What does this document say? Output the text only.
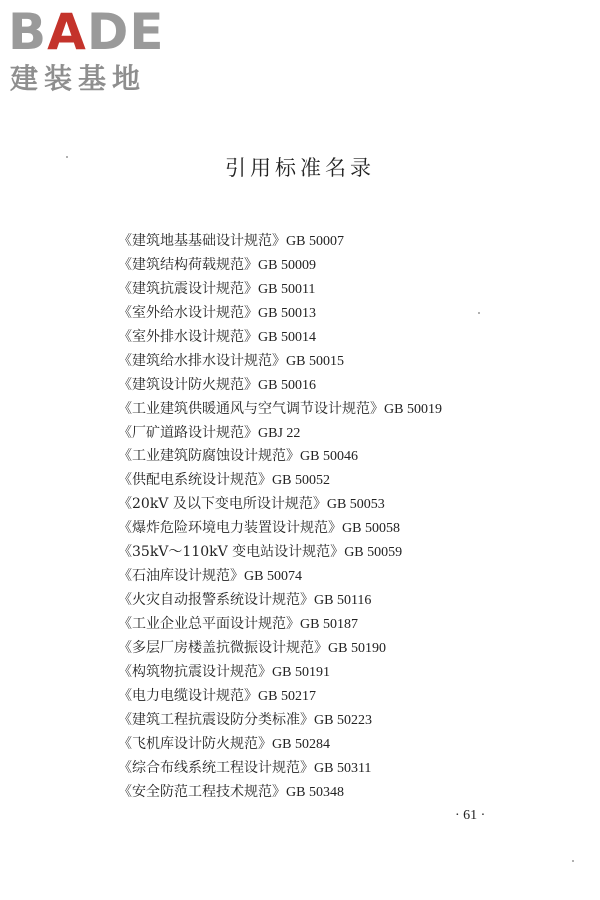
BADE
建装基地
引用标准名录
《建筑地基基础设计规范》GB 50007
《建筑结构荷载规范》GB 50009
《建筑抗震设计规范》GB 50011
《室外给水设计规范》GB 50013
《室外排水设计规范》GB 50014
《建筑给水排水设计规范》GB 50015
《建筑设计防火规范》GB 50016
《工业建筑供暖通风与空气调节设计规范》GB 50019
《厂矿道路设计规范》GBJ 22
《工业建筑防腐蚀设计规范》GB 50046
《供配电系统设计规范》GB 50052
《20kV 及以下变电所设计规范》GB 50053
《爆炸危险环境电力装置设计规范》GB 50058
《35kV～110kV 变电站设计规范》GB 50059
《石油库设计规范》GB 50074
《火灾自动报警系统设计规范》GB 50116
《工业企业总平面设计规范》GB 50187
《多层厂房楼盖抗微振设计规范》GB 50190
《构筑物抗震设计规范》GB 50191
《电力电缆设计规范》GB 50217
《建筑工程抗震设防分类标准》GB 50223
《飞机库设计防火规范》GB 50284
《综合布线系统工程设计规范》GB 50311
《安全防范工程技术规范》GB 50348
· 61 ·
